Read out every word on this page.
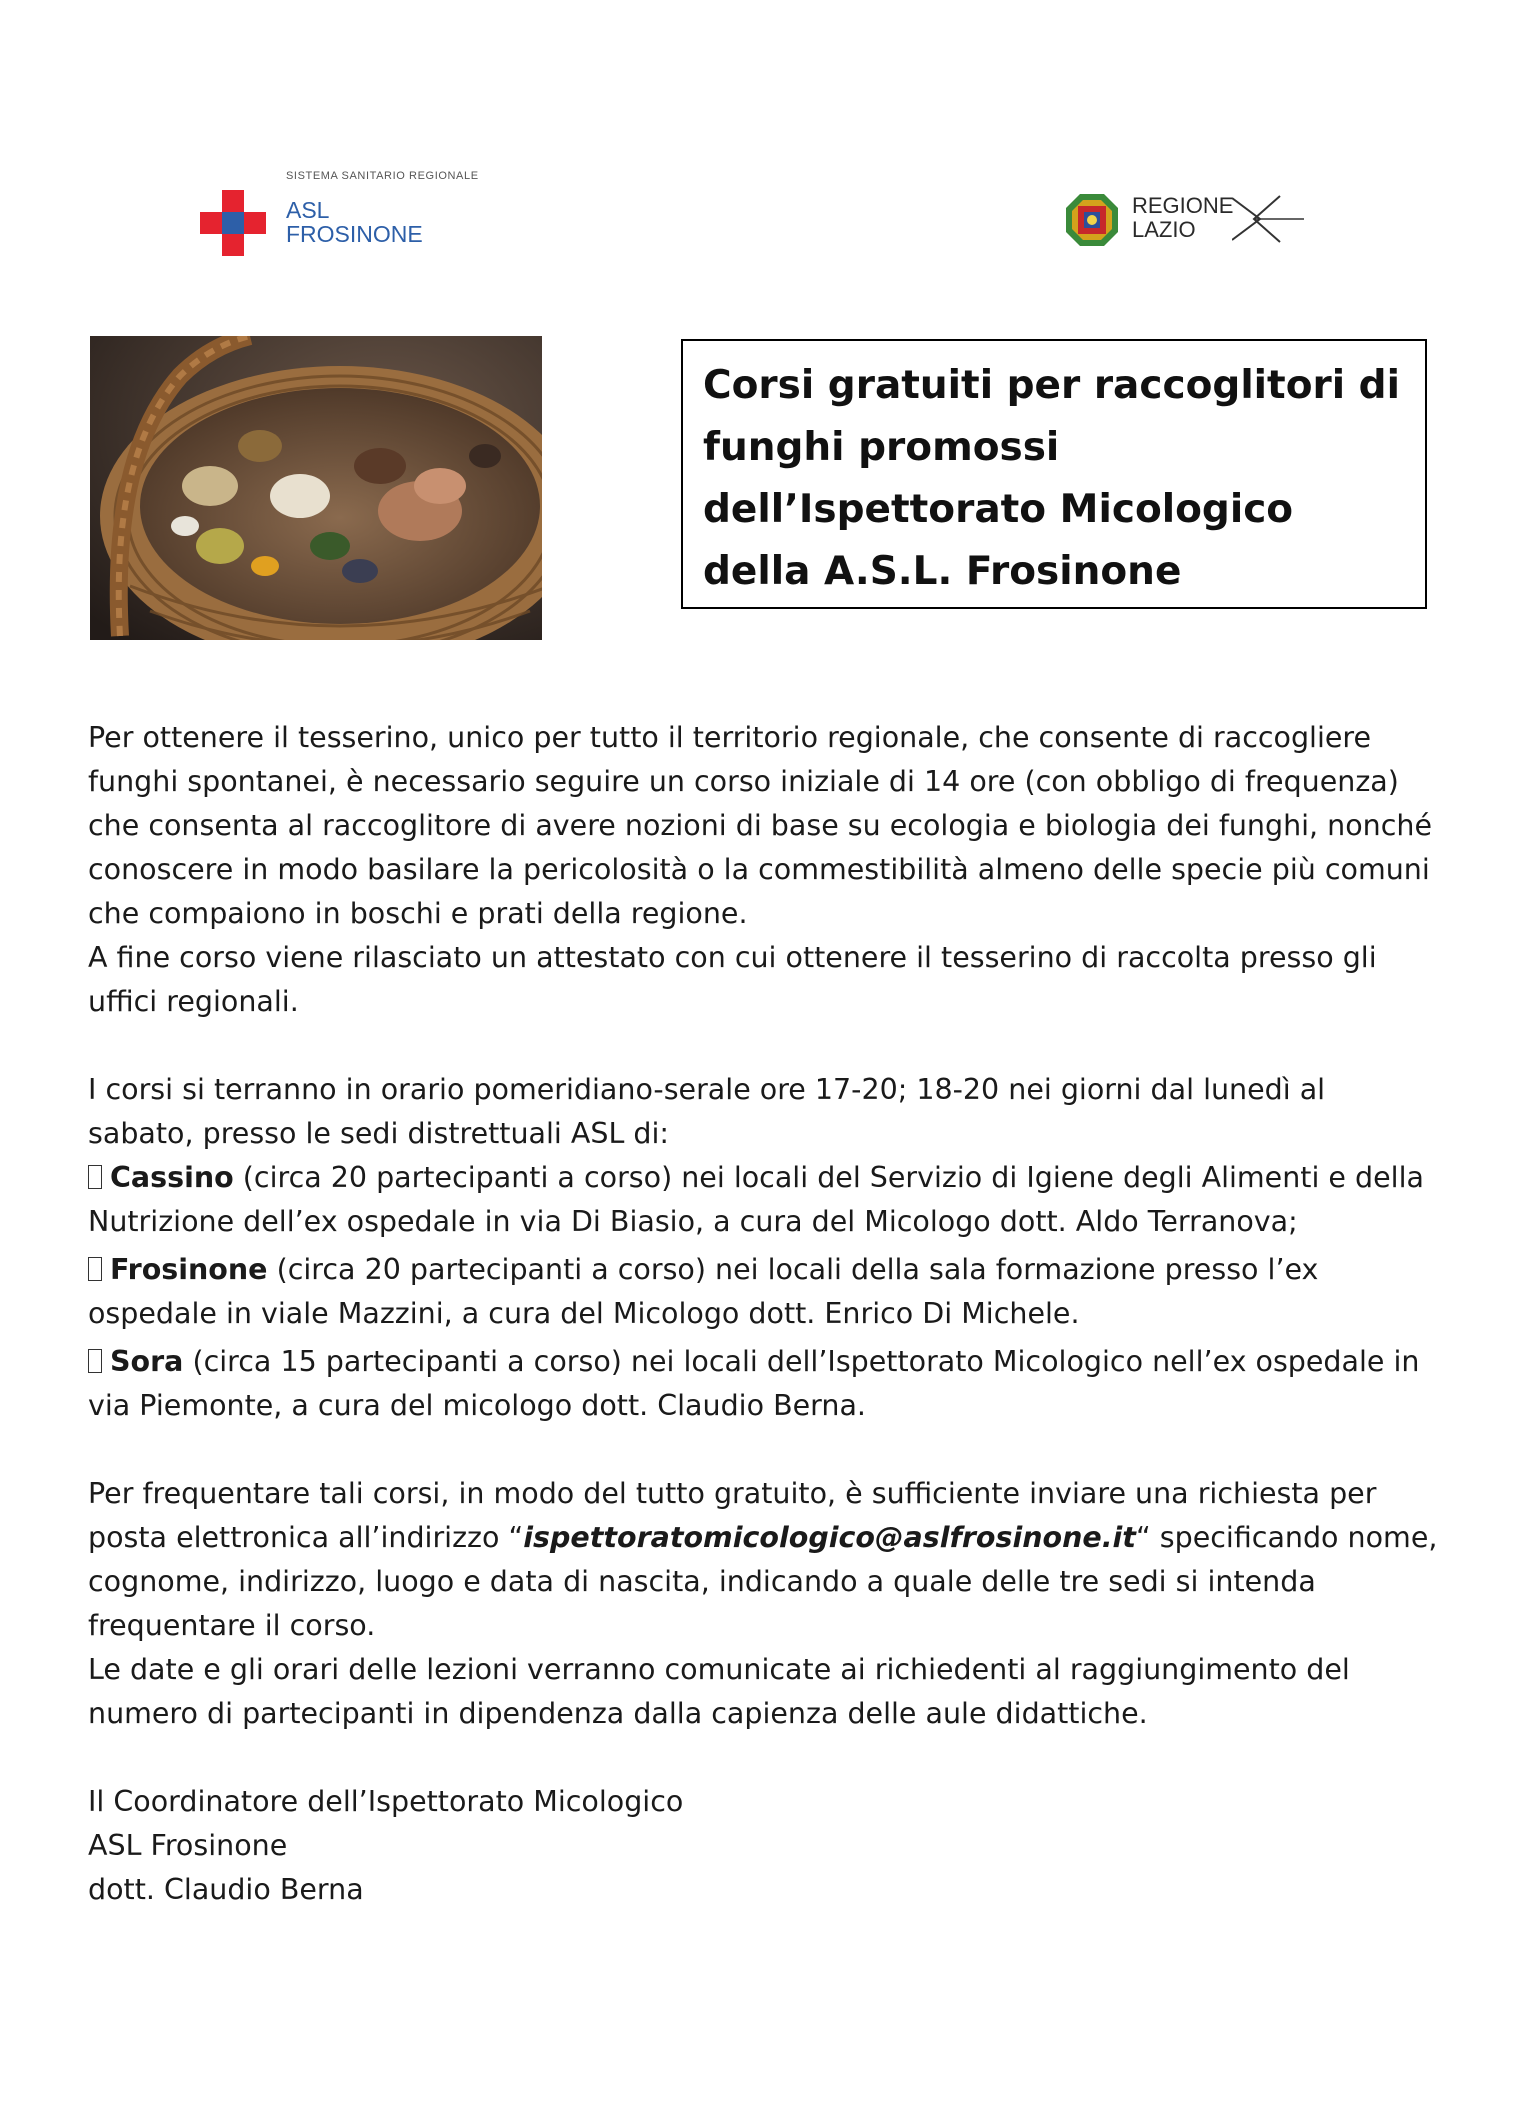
SISTEMA SANITARIO REGIONALE
ASL
FROSINONE
REGIONE
LAZIO
Corsi gratuiti per raccoglitori di funghi promossi dell’Ispettorato Micologico della A.S.L. Frosinone

Per ottenere il tesserino, unico per tutto il territorio regionale, che consente di raccogliere funghi spontanei, è necessario seguire un corso iniziale di 14 ore (con obbligo di frequenza) che consenta al raccoglitore di avere nozioni di base su ecologia e biologia dei funghi, nonché conoscere in modo basilare la pericolosità o la commestibilità almeno delle specie più comuni che compaiono in boschi e prati della regione.

A fine corso viene rilasciato un attestato con cui ottenere il tesserino di raccolta presso gli uffici regionali.

I corsi si terranno in orario pomeridiano-serale ore 17-20; 18-20 nei giorni dal lunedì al sabato, presso le sedi distrettuali ASL di:

Cassino (circa 20 partecipanti a corso) nei locali del Servizio di Igiene degli Alimenti e della Nutrizione dell’ex ospedale in via Di Biasio, a cura del Micologo dott. Aldo Terranova;

Frosinone (circa 20 partecipanti a corso) nei locali della sala formazione presso l’ex ospedale in viale Mazzini, a cura del Micologo dott. Enrico Di Michele.

Sora (circa 15 partecipanti a corso) nei locali dell’Ispettorato Micologico nell’ex ospedale in via Piemonte, a cura del micologo dott. Claudio Berna.

Per frequentare tali corsi, in modo del tutto gratuito, è sufficiente inviare una richiesta per posta elettronica all’indirizzo “ispettoratomicologico@aslfrosinone.it“ specificando nome, cognome, indirizzo, luogo e data di nascita, indicando a quale delle tre sedi si intenda frequentare il corso.

Le date e gli orari delle lezioni verranno comunicate ai richiedenti al raggiungimento del numero di partecipanti in dipendenza dalla capienza delle aule didattiche.

Il Coordinatore dell’Ispettorato Micologico

ASL Frosinone

dott. Claudio Berna
